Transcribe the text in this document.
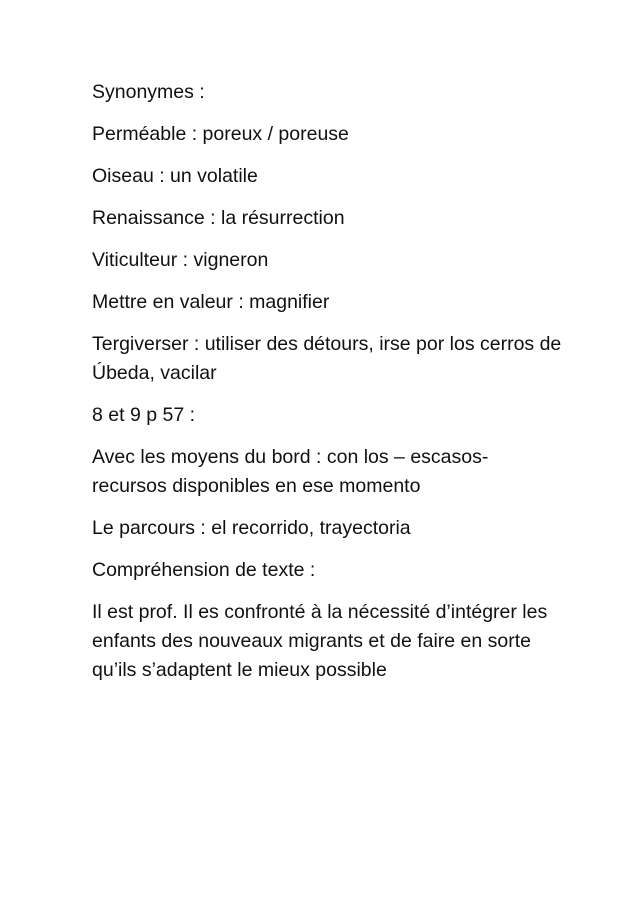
Synonymes :

Perméable : poreux / poreuse

Oiseau : un volatile

Renaissance : la résurrection

Viticulteur : vigneron

Mettre en valeur : magnifier

Tergiverser : utiliser des détours, irse por los cerros de Úbeda, vacilar

8 et 9 p 57 :

Avec les moyens du bord : con los – escasos- recursos disponibles en ese momento

Le parcours : el recorrido, trayectoria

Compréhension de texte :

Il est prof. Il es confronté à la nécessité d’intégrer les enfants des nouveaux migrants et de faire en sorte qu’ils s’adaptent le mieux possible
